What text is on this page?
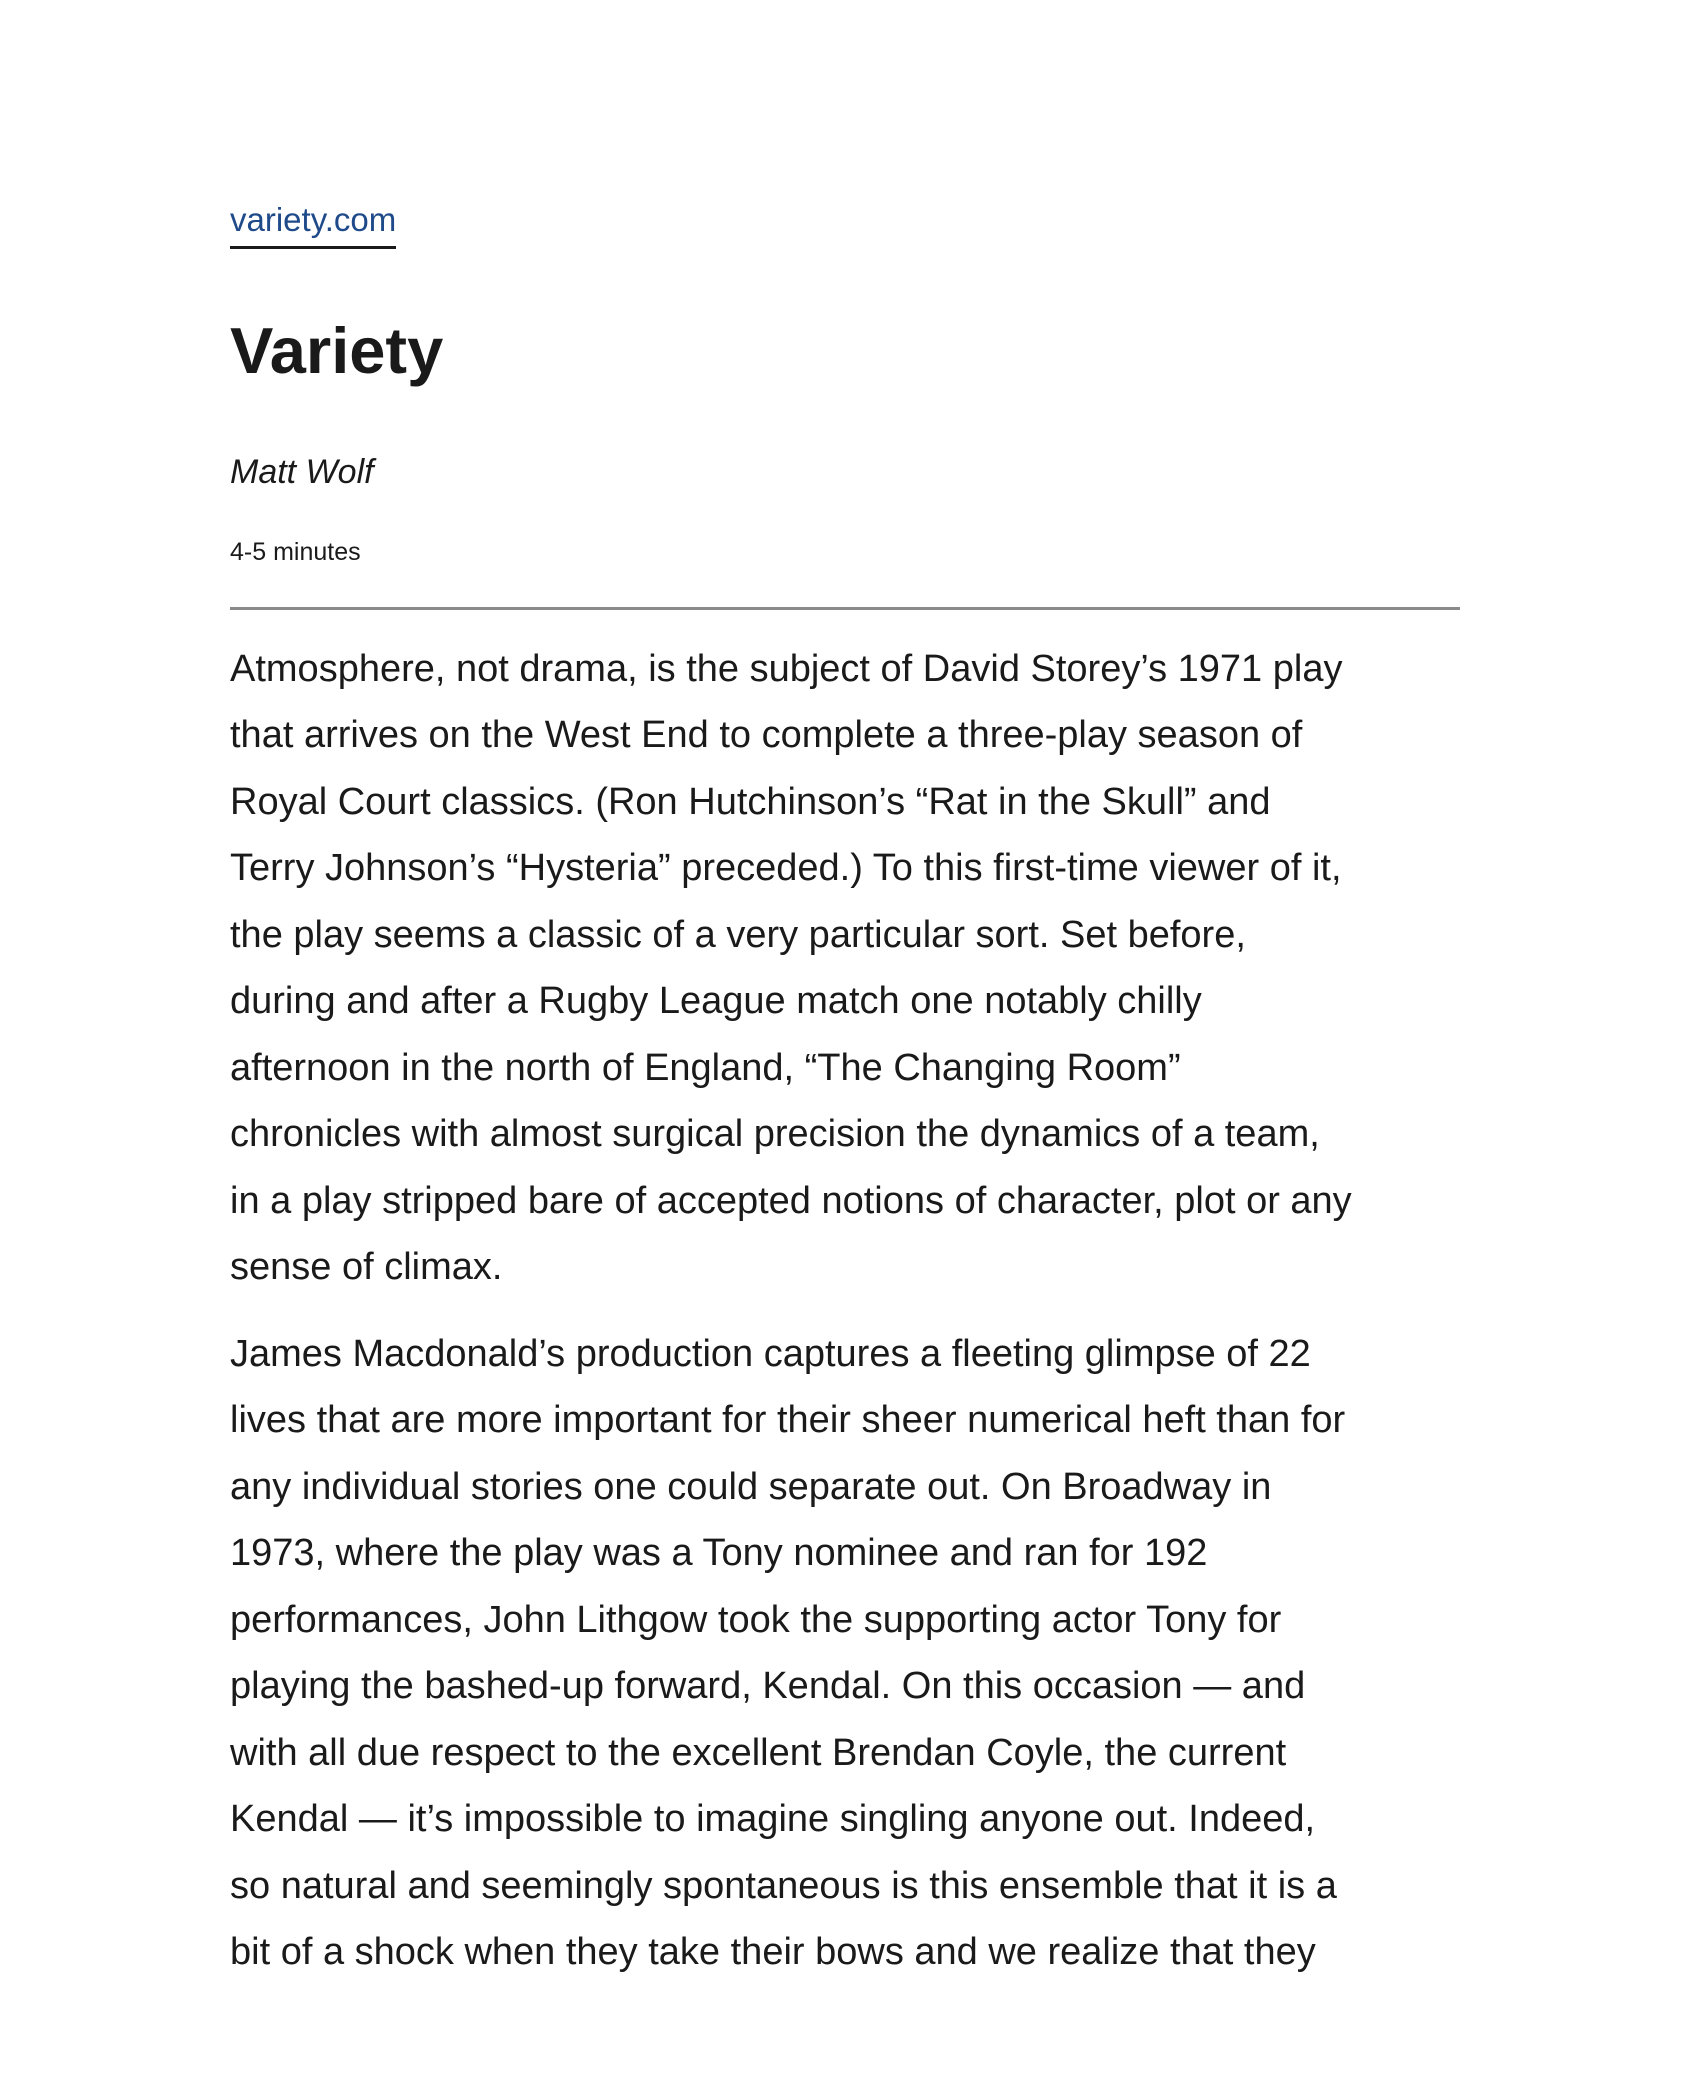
variety.com
Variety
Matt Wolf
4-5 minutes

Atmosphere, not drama, is the subject of David Storey’s 1971 play
that arrives on the West End to complete a three-play season of
Royal Court classics. (Ron Hutchinson’s “Rat in the Skull” and
Terry Johnson’s “Hysteria” preceded.) To this first-time viewer of it,
the play seems a classic of a very particular sort. Set before,
during and after a Rugby League match one notably chilly
afternoon in the north of England, “The Changing Room”
chronicles with almost surgical precision the dynamics of a team,
in a play stripped bare of accepted notions of character, plot or any
sense of climax.

James Macdonald’s production captures a fleeting glimpse of 22
lives that are more important for their sheer numerical heft than for
any individual stories one could separate out. On Broadway in
1973, where the play was a Tony nominee and ran for 192
performances, John Lithgow took the supporting actor Tony for
playing the bashed-up forward, Kendal. On this occasion — and
with all due respect to the excellent Brendan Coyle, the current
Kendal — it’s impossible to imagine singling anyone out. Indeed,
so natural and seemingly spontaneous is this ensemble that it is a
bit of a shock when they take their bows and we realize that they
